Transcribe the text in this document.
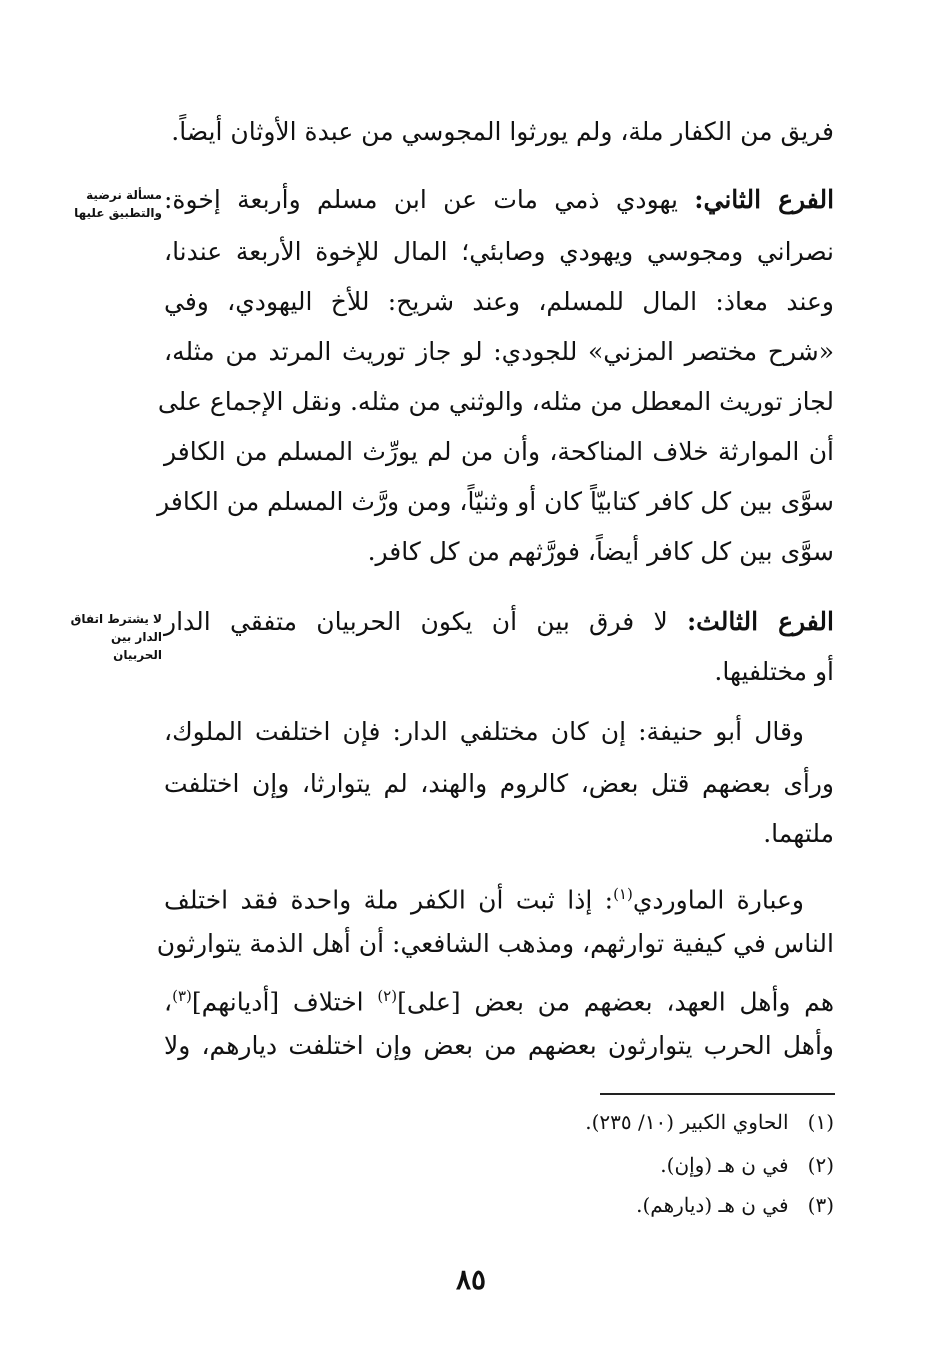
فريق من الكفار ملة، ولم يورثوا المجوسي من عبدة الأوثان أيضاً.
الفرع الثاني: يهودي ذمي مات عن ابن مسلم وأربعة إخوة:
نصراني ومجوسي ويهودي وصابئي؛ المال للإخوة الأربعة عندنا،
وعند معاذ: المال للمسلم، وعند شريح: للأخ اليهودي، وفي
«شرح مختصر المزني» للجودي: لو جاز توريث المرتد من مثله،
لجاز توريث المعطل من مثله، والوثني من مثله. ونقل الإجماع على
أن الموارثة خلاف المناكحة، وأن من لم يورِّث المسلم من الكافر
سوَّى بين كل كافر كتابيّاً كان أو وثنيّاً، ومن ورَّث المسلم من الكافر
سوَّى بين كل كافر أيضاً، فورَّثهم من كل كافر.
مسألة نرضية والتطبيق عليها
الفرع الثالث: لا فرق بين أن يكون الحربيان متفقي الدار
أو مختلفيها.
لا يشترط اتفاق الدار بين الحربيان
وقال أبو حنيفة: إن كان مختلفي الدار: فإن اختلفت الملوك،
ورأى بعضهم قتل بعض، كالروم والهند، لم يتوارثا، وإن اختلفت
ملتهما.
وعبارة الماوردي$^{(١)}$: إذا ثبت أن الكفر ملة واحدة فقد اختلف
الناس في كيفية توارثهم، ومذهب الشافعي: أن أهل الذمة يتوارثون
هم وأهل العهد، بعضهم من بعض [على]$^{(٢)}$ اختلاف [أديانهم]$^{(٣)}$،
وأهل الحرب يتوارثون بعضهم من بعض وإن اختلفت ديارهم، ولا
(١)   الحاوي الكبير (١٠/ ٢٣٥).
(٢)   في ن هـ (وإن).
(٣)   في ن هـ (ديارهم).
٨٥
